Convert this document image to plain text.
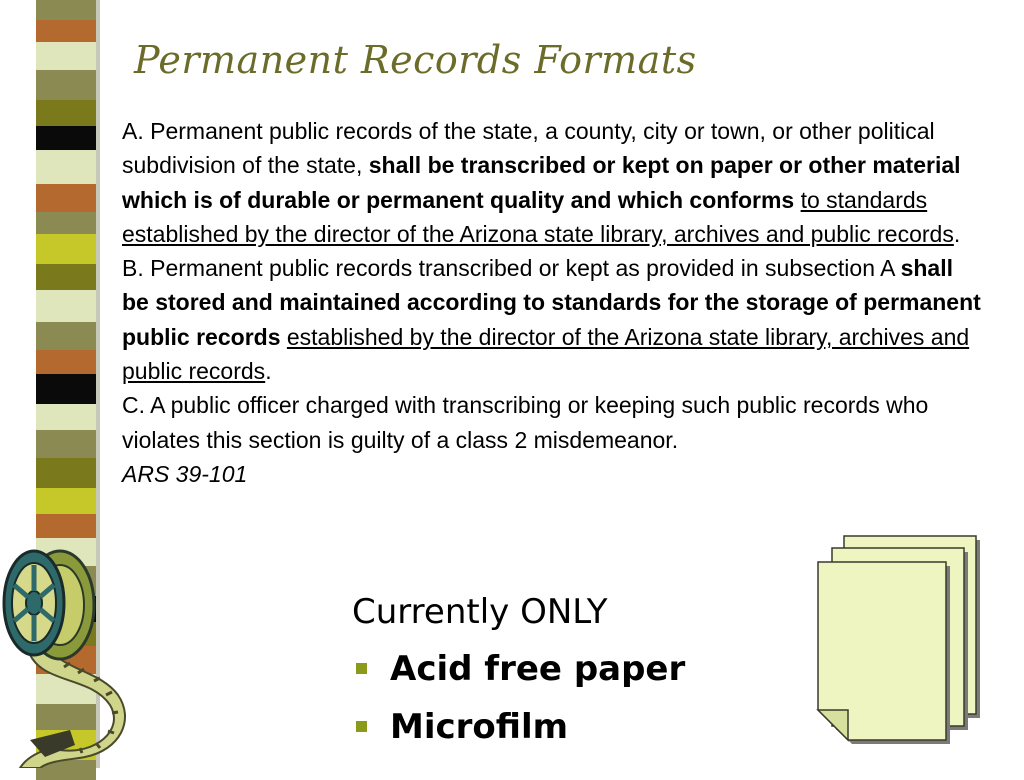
Permanent Records Formats

A. Permanent public records of the state, a county, city or town, or other political subdivision of the state, shall be transcribed or kept on paper or other material which is of durable or permanent quality and which conforms to standards established by the director of the Arizona state library, archives and public records.

B. Permanent public records transcribed or kept as provided in subsection A shall be stored and maintained according to standards for the storage of permanent public records established by the director of the Arizona state library, archives and public records.

C. A public officer charged with transcribing or keeping such public records who violates this section is guilty of a class 2 misdemeanor.

ARS 39-101

Currently ONLY
Acid free paper
Microfilm
